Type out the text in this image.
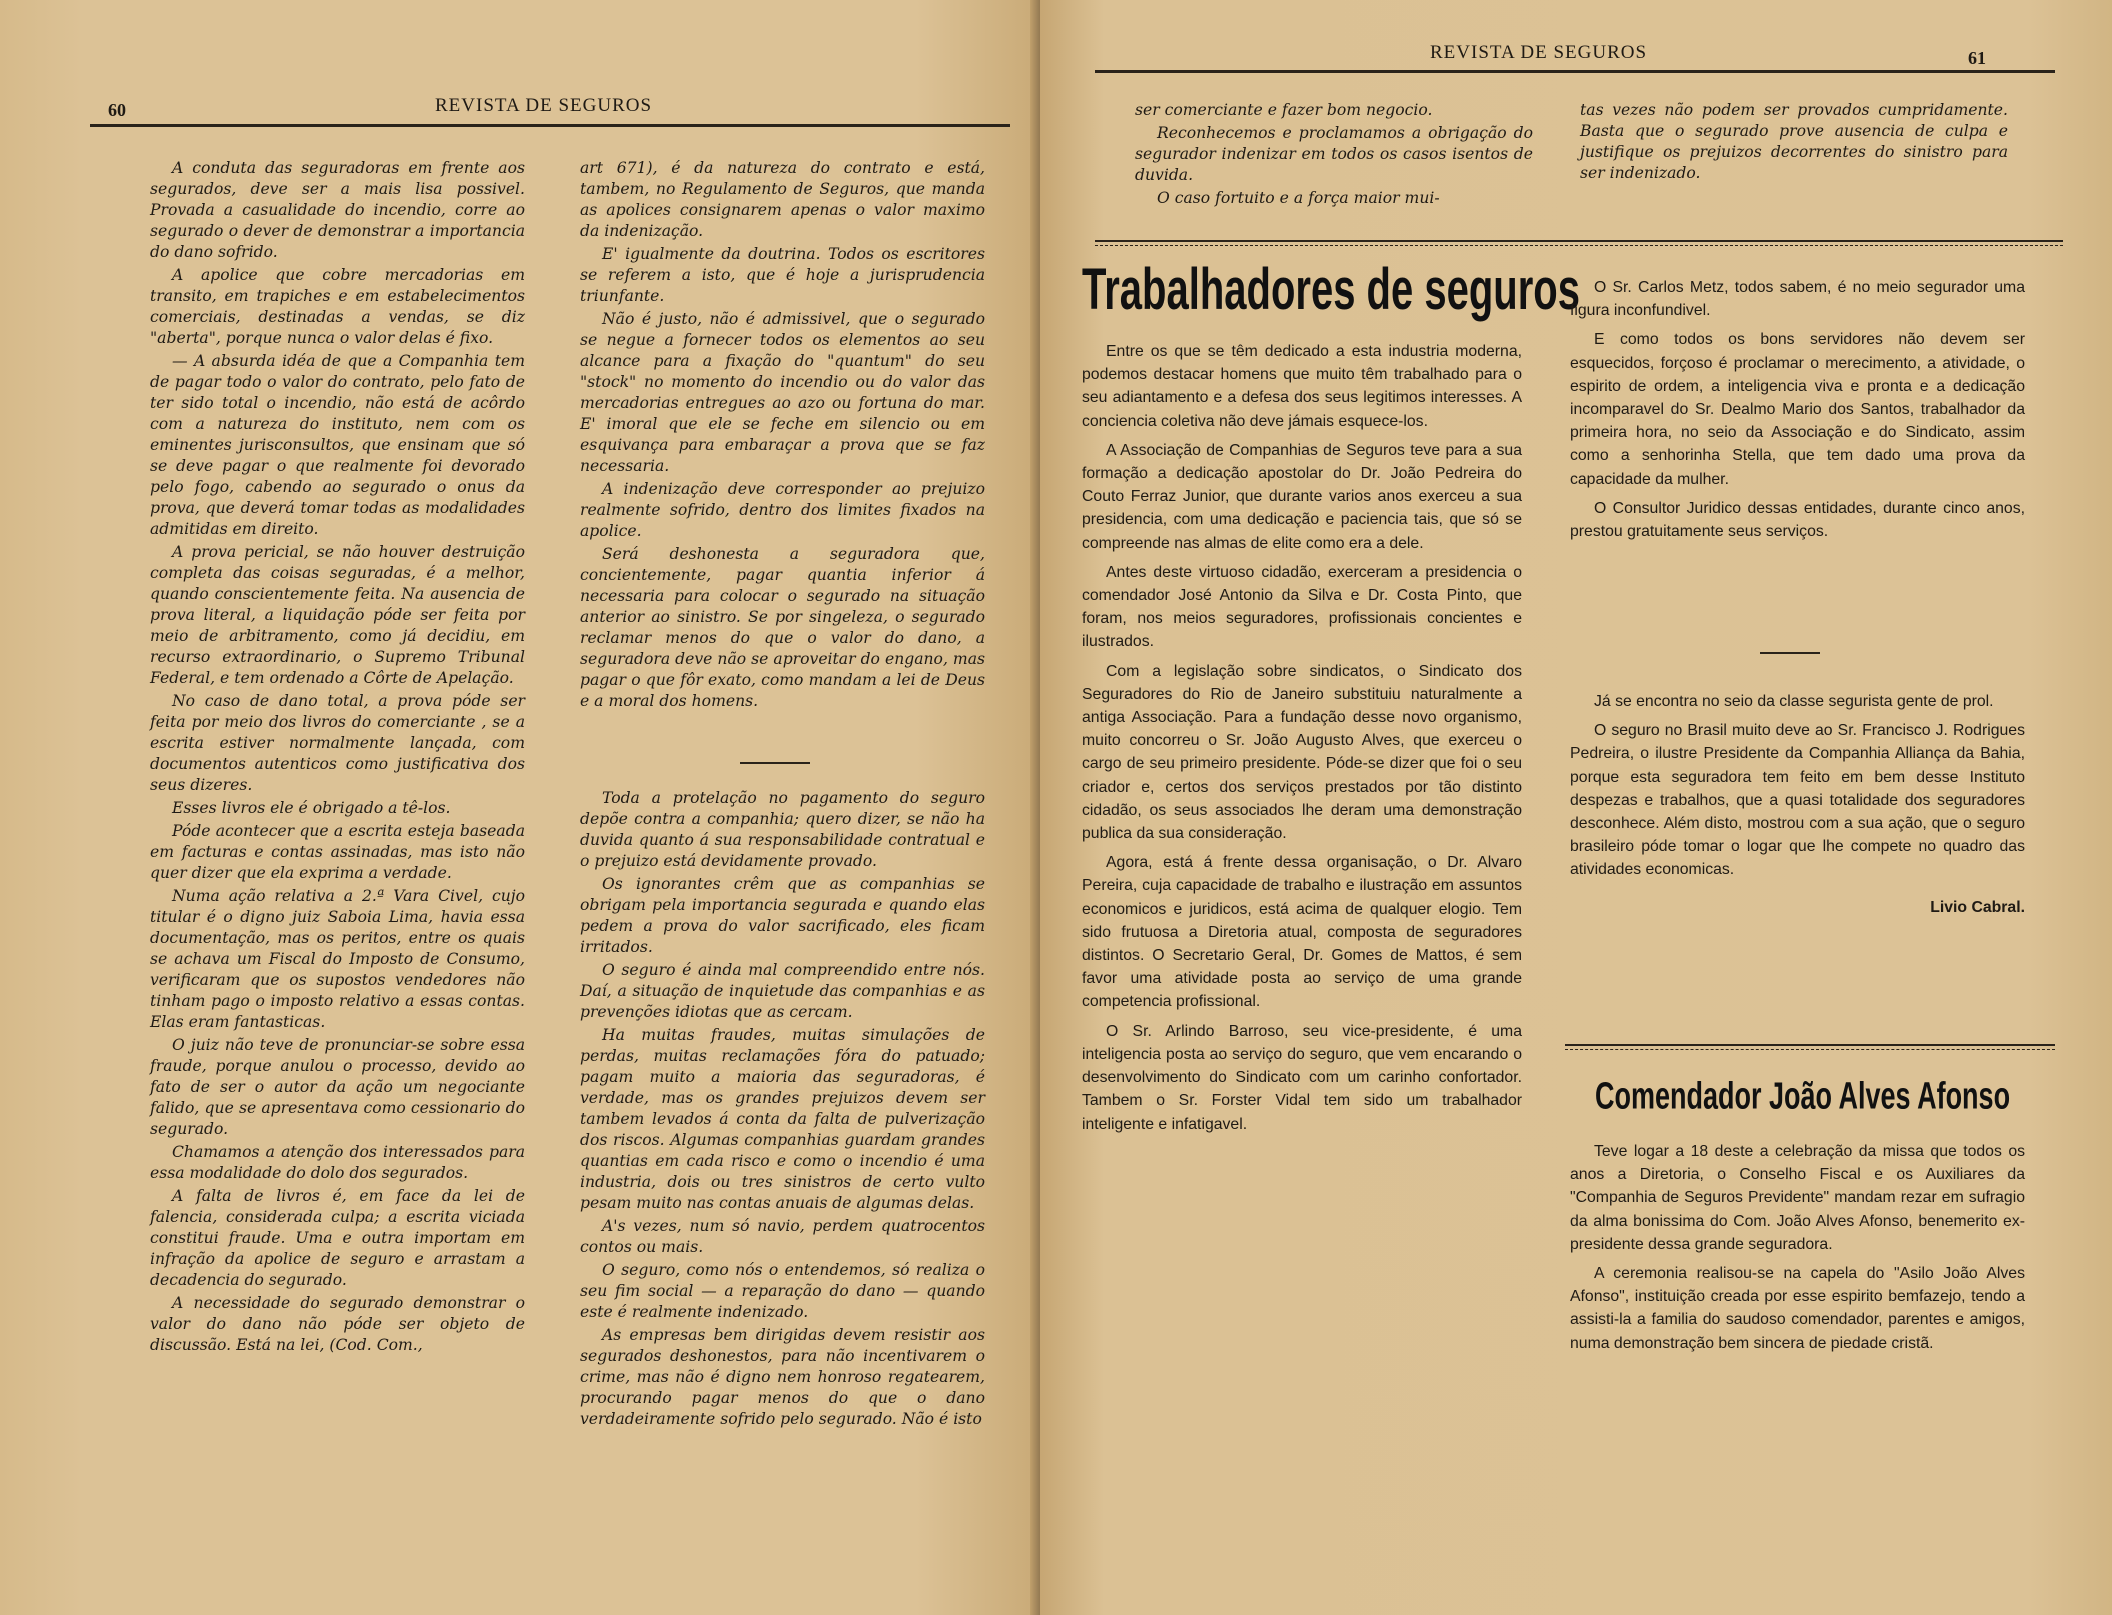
60	REVISTA DE SEGUROS

A conduta das seguradoras em frente aos segurados, deve ser a mais lisa possivel. Provada a casualidade do incendio, corre ao segurado o dever de demonstrar a importancia do dano sofrido.

A apolice que cobre mercadorias em transito, em trapiches e em estabelecimentos comerciais, destinadas a vendas, se diz "aberta", porque nunca o valor delas é fixo.

— A absurda idéa de que a Companhia tem de pagar todo o valor do contrato, pelo fato de ter sido total o incendio, não está de acôrdo com a natureza do instituto, nem com os eminentes jurisconsultos, que ensinam que só se deve pagar o que realmente foi devorado pelo fogo, cabendo ao segurado o onus da prova, que deverá tomar todas as modalidades admitidas em direito.

A prova pericial, se não houver destruição completa das coisas seguradas, é a melhor, quando conscientemente feita. Na ausencia de prova literal, a liquidação póde ser feita por meio de arbitramento, como já decidiu, em recurso extraordinario, o Supremo Tribunal Federal, e tem ordenado a Côrte de Apelação.

No caso de dano total, a prova póde ser feita por meio dos livros do comerciante , se a escrita estiver normalmente lançada, com documentos autenticos como justificativa dos seus dizeres.

Esses livros ele é obrigado a tê-los.

Póde acontecer que a escrita esteja baseada em facturas e contas assinadas, mas isto não quer dizer que ela exprima a verdade.

Numa ação relativa a 2.ª Vara Civel, cujo titular é o digno juiz Saboia Lima, havia essa documentação, mas os peritos, entre os quais se achava um Fiscal do Imposto de Consumo, verificaram que os supostos vendedores não tinham pago o imposto relativo a essas contas. Elas eram fantasticas.

O juiz não teve de pronunciar-se sobre essa fraude, porque anulou o processo, devido ao fato de ser o autor da ação um negociante falido, que se apresentava como cessionario do segurado.

Chamamos a atenção dos interessados para essa modalidade do dolo dos segurados.

A falta de livros é, em face da lei de falencia, considerada culpa; a escrita viciada constitui fraude. Uma e outra importam em infração da apolice de seguro e arrastam a decadencia do segurado.

A necessidade do segurado demonstrar o valor do dano não póde ser objeto de discussão. Está na lei, (Cod. Com.,

art 671), é da natureza do contrato e está, tambem, no Regulamento de Seguros, que manda as apolices consignarem apenas o valor maximo da indenização.

E' igualmente da doutrina. Todos os escritores se referem a isto, que é hoje a jurisprudencia triunfante.

Não é justo, não é admissivel, que o segurado se negue a fornecer todos os elementos ao seu alcance para a fixação do "quantum" do seu "stock" no momento do incendio ou do valor das mercadorias entregues ao azo ou fortuna do mar. E' imoral que ele se feche em silencio ou em esquivança para embaraçar a prova que se faz necessaria.

A indenização deve corresponder ao prejuizo realmente sofrido, dentro dos limites fixados na apolice.

Será deshonesta a seguradora que, concientemente, pagar quantia inferior á necessaria para colocar o segurado na situação anterior ao sinistro. Se por singeleza, o segurado reclamar menos do que o valor do dano, a seguradora deve não se aproveitar do engano, mas pagar o que fôr exato, como mandam a lei de Deus e a moral dos homens.

Toda a protelação no pagamento do seguro depõe contra a companhia; quero dizer, se não ha duvida quanto á sua responsabilidade contratual e o prejuizo está devidamente provado.

Os ignorantes crêm que as companhias se obrigam pela importancia segurada e quando elas pedem a prova do valor sacrificado, eles ficam irritados.

O seguro é ainda mal compreendido entre nós. Daí, a situação de inquietude das companhias e as prevenções idiotas que as cercam.

Ha muitas fraudes, muitas simulações de perdas, muitas reclamações fóra do patuado; pagam muito a maioria das seguradoras, é verdade, mas os grandes prejuizos devem ser tambem levados á conta da falta de pulverização dos riscos. Algumas companhias guardam grandes quantias em cada risco e como o incendio é uma industria, dois ou tres sinistros de certo vulto pesam muito nas contas anuais de algumas delas.

A's vezes, num só navio, perdem quatrocentos contos ou mais.

O seguro, como nós o entendemos, só realiza o seu fim social — a reparação do dano — quando este é realmente indenizado.

As empresas bem dirigidas devem resistir aos segurados deshonestos, para não incentivarem o crime, mas não é digno nem honroso regatearem, procurando pagar menos do que o dano verdadeiramente sofrido pelo segurado. Não é isto

REVISTA DE SEGUROS	61

ser comerciante e fazer bom negocio.

Reconhecemos e proclamamos a obrigação do segurador indenizar em todos os casos isentos de duvida.

O caso fortuito e a força maior mui-

tas vezes não podem ser provados cumpridamente. Basta que o segurado prove ausencia de culpa e justifique os prejuizos decorrentes do sinistro para ser indenizado.

Trabalhadores de seguros

Entre os que se têm dedicado a esta industria moderna, podemos destacar homens que muito têm trabalhado para o seu adiantamento e a defesa dos seus legitimos interesses. A conciencia coletiva não deve jámais esquece-los.

A Associação de Companhias de Seguros teve para a sua formação a dedicação apostolar do Dr. João Pedreira do Couto Ferraz Junior, que durante varios anos exerceu a sua presidencia, com uma dedicação e paciencia tais, que só se compreende nas almas de elite como era a dele.

Antes deste virtuoso cidadão, exerceram a presidencia o comendador José Antonio da Silva e Dr. Costa Pinto, que foram, nos meios seguradores, profissionais concientes e ilustrados.

Com a legislação sobre sindicatos, o Sindicato dos Seguradores do Rio de Janeiro substituiu naturalmente a antiga Associação. Para a fundação desse novo organismo, muito concorreu o Sr. João Augusto Alves, que exerceu o cargo de seu primeiro presidente. Póde-se dizer que foi o seu criador e, certos dos serviços prestados por tão distinto cidadão, os seus associados lhe deram uma demonstração publica da sua consideração.

Agora, está á frente dessa organisação, o Dr. Alvaro Pereira, cuja capacidade de trabalho e ilustração em assuntos economicos e juridicos, está acima de qualquer elogio. Tem sido frutuosa a Diretoria atual, composta de seguradores distintos. O Secretario Geral, Dr. Gomes de Mattos, é sem favor uma atividade posta ao serviço de uma grande competencia profissional.

O Sr. Arlindo Barroso, seu vice-presidente, é uma inteligencia posta ao serviço do seguro, que vem encarando o desenvolvimento do Sindicato com um carinho confortador. Tambem o Sr. Forster Vidal tem sido um trabalhador inteligente e infatigavel.

O Sr. Carlos Metz, todos sabem, é no meio segurador uma figura inconfundivel.

E como todos os bons servidores não devem ser esquecidos, forçoso é proclamar o merecimento, a atividade, o espirito de ordem, a inteligencia viva e pronta e a dedicação incomparavel do Sr. Dealmo Mario dos Santos, trabalhador da primeira hora, no seio da Associação e do Sindicato, assim como a senhorinha Stella, que tem dado uma prova da capacidade da mulher.

O Consultor Juridico dessas entidades, durante cinco anos, prestou gratuitamente seus serviços.

Já se encontra no seio da classe segurista gente de prol.

O seguro no Brasil muito deve ao Sr. Francisco J. Rodrigues Pedreira, o ilustre Presidente da Companhia Alliança da Bahia, porque esta seguradora tem feito em bem desse Instituto despezas e trabalhos, que a quasi totalidade dos seguradores desconhece. Além disto, mostrou com a sua ação, que o seguro brasileiro póde tomar o logar que lhe compete no quadro das atividades economicas.

Livio Cabral.

Comendador João Alves Afonso

Teve logar a 18 deste a celebração da missa que todos os anos a Diretoria, o Conselho Fiscal e os Auxiliares da "Companhia de Seguros Previdente" mandam rezar em sufragio da alma bonissima do Com. João Alves Afonso, benemerito ex-presidente dessa grande seguradora.

A ceremonia realisou-se na capela do "Asilo João Alves Afonso", instituição creada por esse espirito bemfazejo, tendo a assisti-la a familia do saudoso comendador, parentes e amigos, numa demonstração bem sincera de piedade cristã.
